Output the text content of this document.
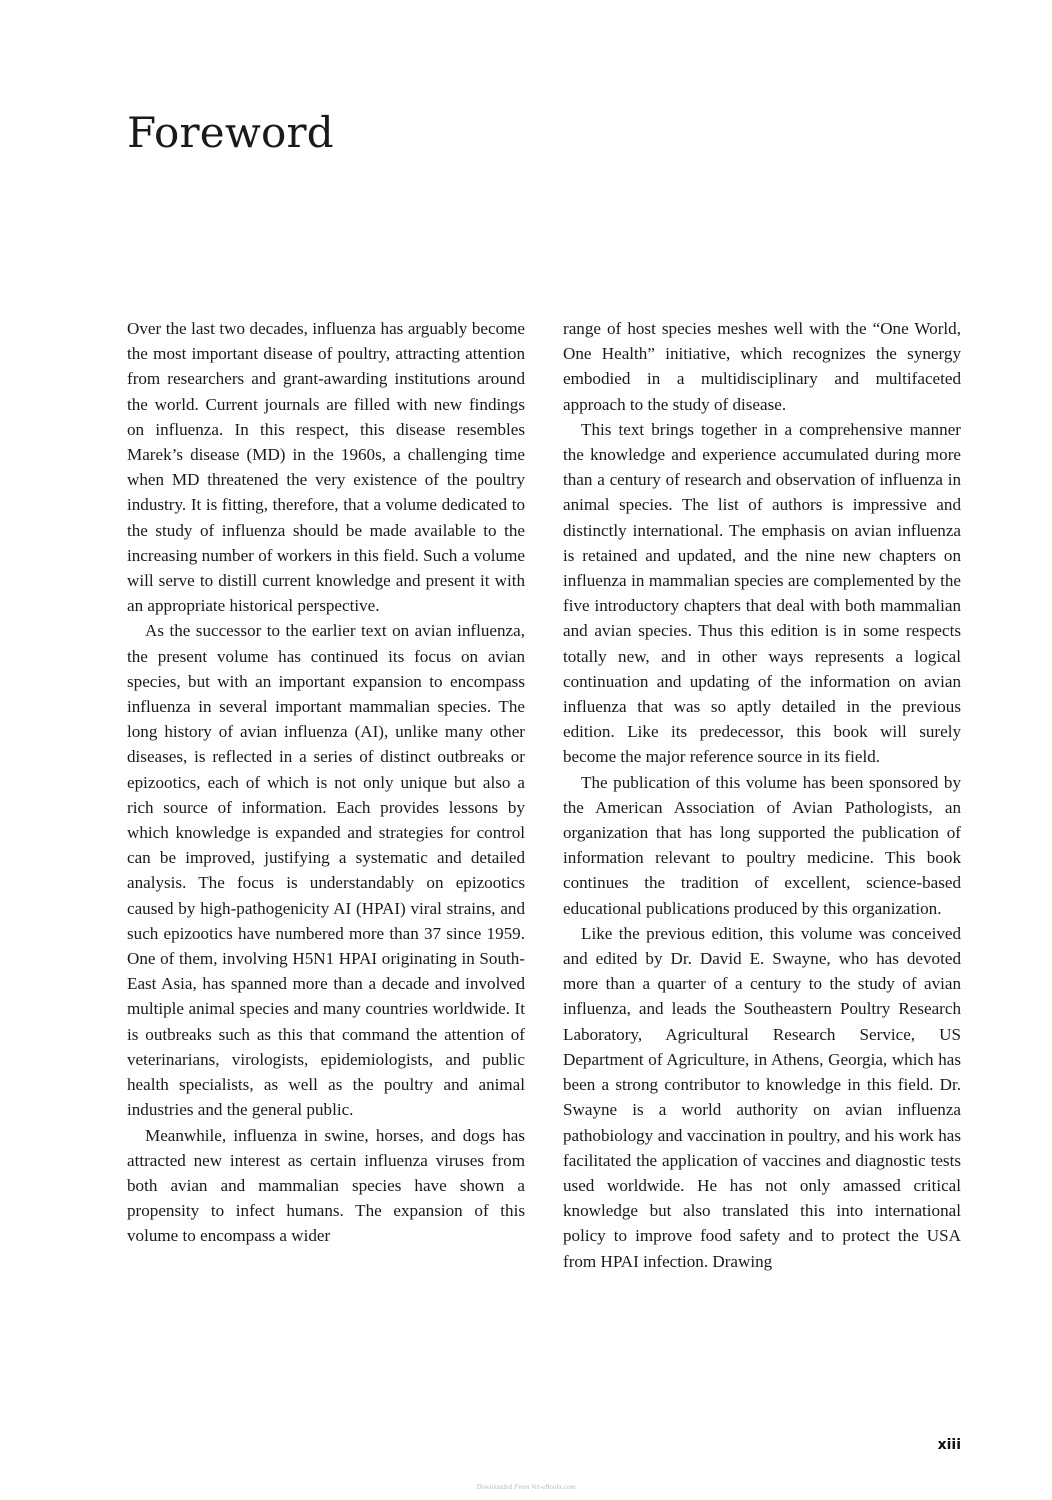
Foreword

Over the last two decades, influenza has arguably become the most important disease of poultry, attracting attention from researchers and grant-awarding institutions around the world. Current journals are filled with new findings on influenza. In this respect, this disease resembles Marek’s disease (MD) in the 1960s, a challenging time when MD threatened the very existence of the poultry industry. It is fitting, therefore, that a volume dedicated to the study of influenza should be made available to the increasing number of workers in this field. Such a volume will serve to distill current knowledge and present it with an appropriate historical perspective.

As the successor to the earlier text on avian influenza, the present volume has continued its focus on avian species, but with an important expansion to encompass influenza in several important mammalian species. The long history of avian influenza (AI), unlike many other diseases, is reflected in a series of distinct outbreaks or epizootics, each of which is not only unique but also a rich source of information. Each provides lessons by which knowledge is expanded and strategies for control can be improved, justifying a systematic and detailed analysis. The focus is understandably on epizootics caused by high-pathogenicity AI (HPAI) viral strains, and such epizootics have numbered more than 37 since 1959. One of them, involving H5N1 HPAI originating in South-East Asia, has spanned more than a decade and involved multiple animal species and many countries worldwide. It is outbreaks such as this that command the attention of veterinarians, virologists, epidemiologists, and public health specialists, as well as the poultry and animal industries and the general public.

Meanwhile, influenza in swine, horses, and dogs has attracted new interest as certain influenza viruses from both avian and mammalian species have shown a propensity to infect humans. The expansion of this volume to encompass a wider

range of host species meshes well with the “One World, One Health” initiative, which recognizes the synergy embodied in a multidisciplinary and multifaceted approach to the study of disease.

This text brings together in a comprehensive manner the knowledge and experience accumulated during more than a century of research and observation of influenza in animal species. The list of authors is impressive and distinctly international. The emphasis on avian influenza is retained and updated, and the nine new chapters on influenza in mammalian species are complemented by the five introductory chapters that deal with both mammalian and avian species. Thus this edition is in some respects totally new, and in other ways represents a logical continuation and updating of the information on avian influenza that was so aptly detailed in the previous edition. Like its predecessor, this book will surely become the major reference source in its field.

The publication of this volume has been sponsored by the American Association of Avian Pathologists, an organization that has long supported the publication of information relevant to poultry medicine. This book continues the tradition of excellent, science-based educational publications produced by this organization.

Like the previous edition, this volume was conceived and edited by Dr. David E. Swayne, who has devoted more than a quarter of a century to the study of avian influenza, and leads the Southeastern Poultry Research Laboratory, Agricultural Research Service, US Department of Agriculture, in Athens, Georgia, which has been a strong contributor to knowledge in this field. Dr. Swayne is a world authority on avian influenza pathobiology and vaccination in poultry, and his work has facilitated the application of vaccines and diagnostic tests used worldwide. He has not only amassed critical knowledge but also translated this into international policy to improve food safety and to protect the USA from HPAI infection. Drawing

xiii
Downloaded From Vet-eBooks.com
